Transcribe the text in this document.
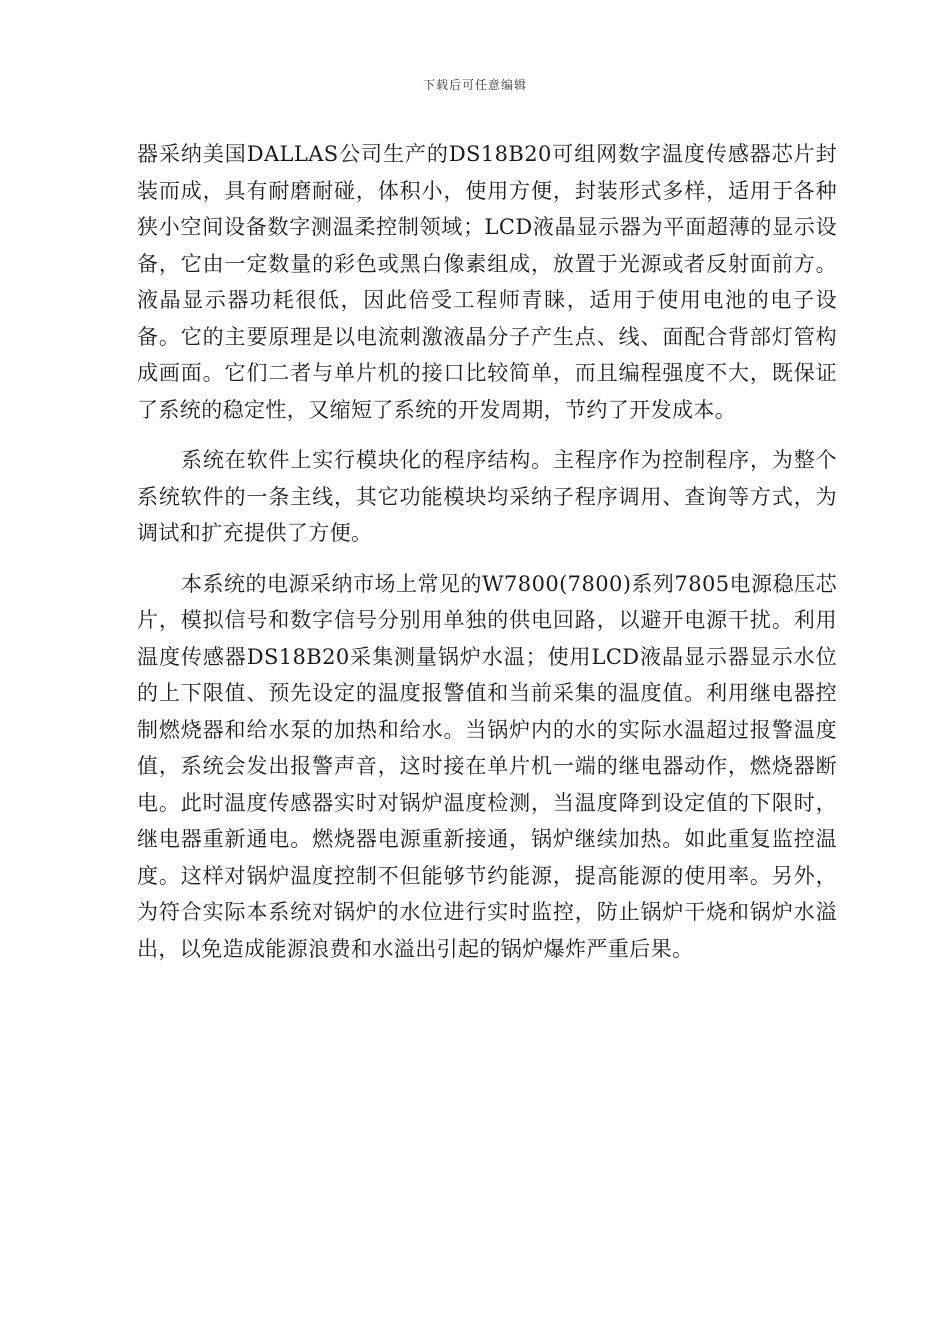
下载后可任意编辑

器采纳美国DALLAS公司生产的DS18B20可组网数字温度传感器芯片封装而成，具有耐磨耐碰，体积小，使用方便，封装形式多样，适用于各种狭小空间设备数字测温柔控制领域；LCD液晶显示器为平面超薄的显示设备，它由一定数量的彩色或黑白像素组成，放置于光源或者反射面前方。液晶显示器功耗很低，因此倍受工程师青睐，适用于使用电池的电子设备。它的主要原理是以电流刺激液晶分子产生点、线、面配合背部灯管构成画面。它们二者与单片机的接口比较简单，而且编程强度不大，既保证了系统的稳定性，又缩短了系统的开发周期，节约了开发成本。

系统在软件上实行模块化的程序结构。主程序作为控制程序，为整个系统软件的一条主线，其它功能模块均采纳子程序调用、查询等方式，为调试和扩充提供了方便。

本系统的电源采纳市场上常见的W7800(7800)系列7805电源稳压芯片，模拟信号和数字信号分别用单独的供电回路，以避开电源干扰。利用温度传感器DS18B20采集测量锅炉水温；使用LCD液晶显示器显示水位的上下限值、预先设定的温度报警值和当前采集的温度值。利用继电器控制燃烧器和给水泵的加热和给水。当锅炉内的水的实际水温超过报警温度值，系统会发出报警声音，这时接在单片机一端的继电器动作，燃烧器断电。此时温度传感器实时对锅炉温度检测，当温度降到设定值的下限时，继电器重新通电。燃烧器电源重新接通，锅炉继续加热。如此重复监控温度。这样对锅炉温度控制不但能够节约能源，提高能源的使用率。另外，为符合实际本系统对锅炉的水位进行实时监控，防止锅炉干烧和锅炉水溢出，以免造成能源浪费和水溢出引起的锅炉爆炸严重后果。
